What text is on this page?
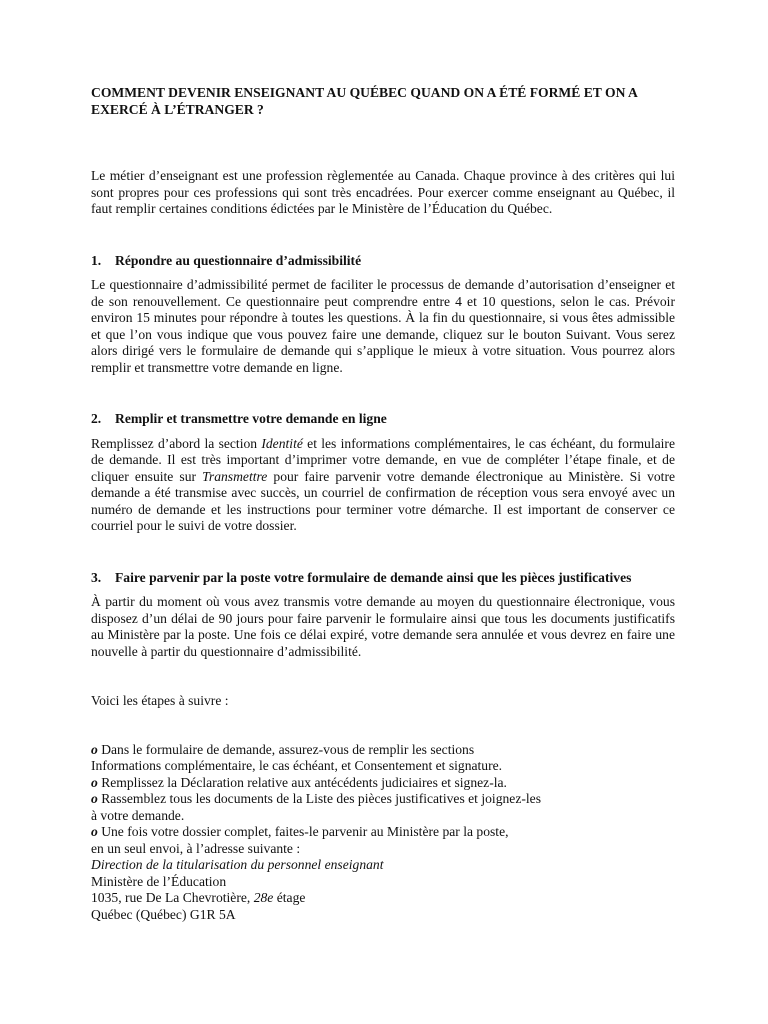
COMMENT DEVENIR ENSEIGNANT AU QUÉBEC QUAND ON A ÉTÉ FORMÉ ET ON A EXERCÉ À L’ÉTRANGER ?

Le métier d’enseignant est une profession règlementée au Canada. Chaque province à des critères qui lui sont propres pour ces professions qui sont très encadrées. Pour exercer comme enseignant au Québec, il faut remplir certaines conditions édictées par le Ministère de l’Éducation du Québec.

1.	Répondre au questionnaire d’admissibilité

Le questionnaire d’admissibilité permet de faciliter le processus de demande d’autorisation d’enseigner et de son renouvellement. Ce questionnaire peut comprendre entre 4 et 10 questions, selon le cas. Prévoir environ 15 minutes pour répondre à toutes les questions. À la fin du questionnaire, si vous êtes admissible et que l’on vous indique que vous pouvez faire une demande, cliquez sur le bouton Suivant. Vous serez alors dirigé vers le formulaire de demande qui s’applique le mieux à votre situation. Vous pourrez alors remplir et transmettre votre demande en ligne.

2.	Remplir et transmettre votre demande en ligne

Remplissez d’abord la section Identité et les informations complémentaires, le cas échéant, du formulaire de demande. Il est très important d’imprimer votre demande, en vue de compléter l’étape finale, et de cliquer ensuite sur Transmettre pour faire parvenir votre demande électronique au Ministère. Si votre demande a été transmise avec succès, un courriel de confirmation de réception vous sera envoyé avec un numéro de demande et les instructions pour terminer votre démarche. Il est important de conserver ce courriel pour le suivi de votre dossier.

3.	Faire parvenir par la poste votre formulaire de demande ainsi que les pièces justificatives

À partir du moment où vous avez transmis votre demande au moyen du questionnaire électronique, vous disposez d’un délai de 90 jours pour faire parvenir le formulaire ainsi que tous les documents justificatifs au Ministère par la poste. Une fois ce délai expiré, votre demande sera annulée et vous devrez en faire une nouvelle à partir du questionnaire d’admissibilité.

Voici les étapes à suivre :

o Dans le formulaire de demande, assurez-vous de remplir les sections
Informations complémentaire, le cas échéant, et Consentement et signature.
o Remplissez la Déclaration relative aux antécédents judiciaires et signez-la.
o Rassemblez tous les documents de la Liste des pièces justificatives et joignez-les
à votre demande.
o Une fois votre dossier complet, faites-le parvenir au Ministère par la poste,
en un seul envoi, à l’adresse suivante :
Direction de la titularisation du personnel enseignant
Ministère de l’Éducation
1035, rue De La Chevrotière, 28e étage
Québec (Québec) G1R 5A
